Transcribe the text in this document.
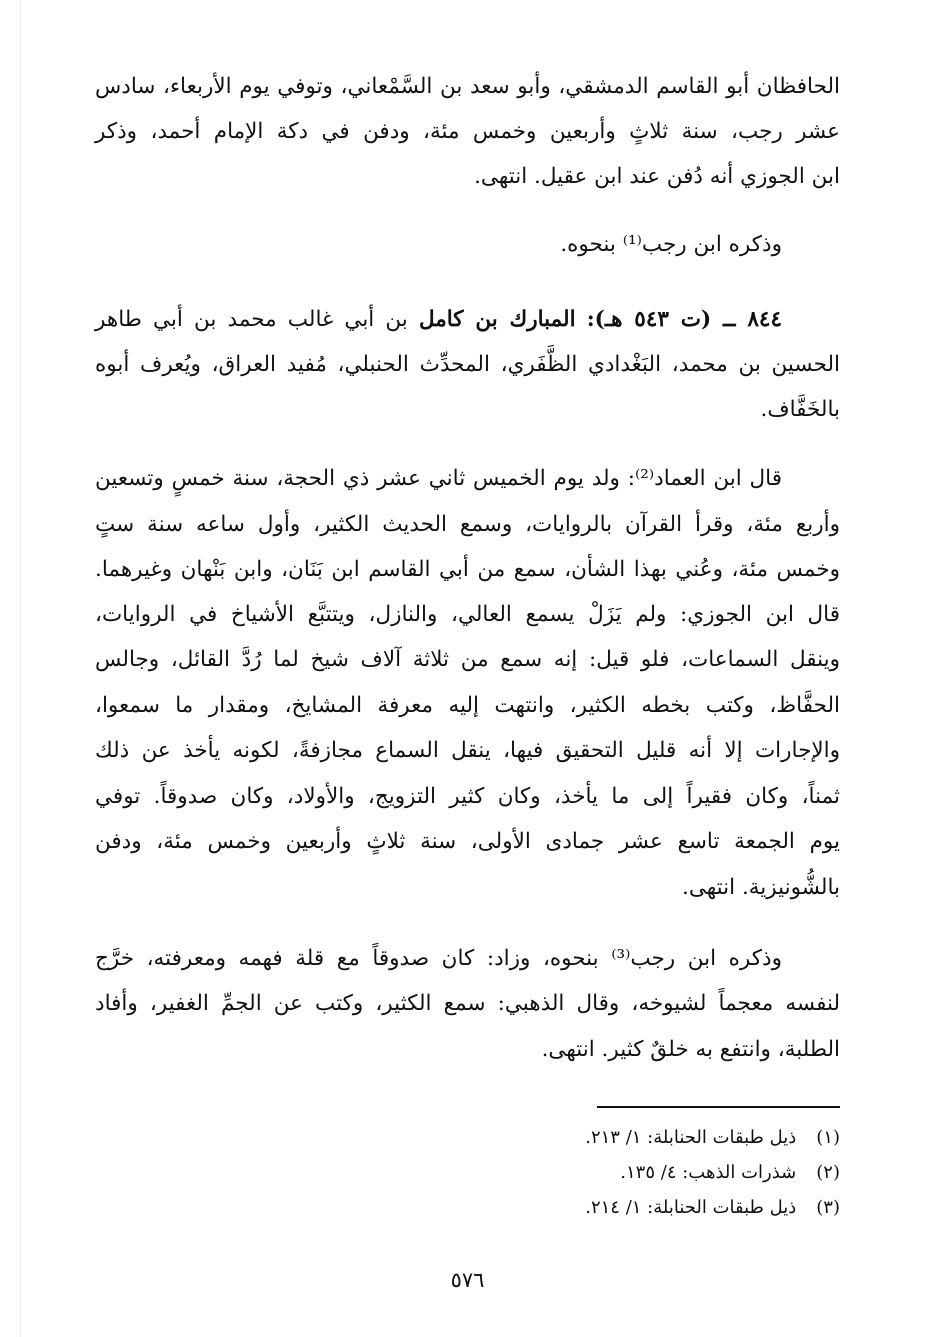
الحافظان أبو القاسم الدمشقي، وأبو سعد بن السَّمْعاني، وتوفي يوم الأربعاء، سادس
عشر رجب، سنة ثلاثٍ وأربعين وخمس مئة، ودفن في دكة الإمام أحمد، وذكر
ابن الجوزي أنه دُفن عند ابن عقيل. انتهى.
وذكره ابن رجب⁽¹⁾ بنحوه.
٨٤٤ ــ (ت ٥٤٣ هـ): المبارك بن كامل بن أبي غالب محمد بن أبي طاهر
الحسين بن محمد، البَغْدادي الظَّفَري، المحدِّث الحنبلي، مُفيد العراق، ويُعرف أبوه
بالخَفَّاف.
قال ابن العماد⁽²⁾: ولد يوم الخميس ثاني عشر ذي الحجة، سنة خمسٍ وتسعين
وأربع مئة، وقرأ القرآن بالروايات، وسمع الحديث الكثير، وأول ساعه سنة ستٍ
وخمس مئة، وعُني بهذا الشأن، سمع من أبي القاسم ابن بَنَان، وابن بَنْهان وغيرهما.
قال ابن الجوزي: ولم يَزَلْ يسمع العالي، والنازل، ويتتبَّع الأشياخ في الروايات،
وينقل السماعات، فلو قيل: إنه سمع من ثلاثة آلاف شيخ لما رُدَّ القائل، وجالس
الحفَّاظ، وكتب بخطه الكثير، وانتهت إليه معرفة المشايخ، ومقدار ما سمعوا،
والإجارات إلا أنه قليل التحقيق فيها، ينقل السماع مجازفةً، لكونه يأخذ عن ذلك
ثمناً، وكان فقيراً إلى ما يأخذ، وكان كثير التزويج، والأولاد، وكان صدوقاً. توفي
يوم الجمعة تاسع عشر جمادى الأولى، سنة ثلاثٍ وأربعين وخمس مئة، ودفن
بالشُّونيزية. انتهى.
وذكره ابن رجب⁽³⁾ بنحوه، وزاد: كان صدوقاً مع قلة فهمه ومعرفته، خرَّج
لنفسه معجماً لشيوخه، وقال الذهبي: سمع الكثير، وكتب عن الجمِّ الغفير، وأفاد
الطلبة، وانتفع به خلقٌ كثير. انتهى.
(١) ذيل طبقات الحنابلة: ١/ ٢١٣.
(٢) شذرات الذهب: ٤/ ١٣٥.
(٣) ذيل طبقات الحنابلة: ١/ ٢١٤.
٥٧٦
